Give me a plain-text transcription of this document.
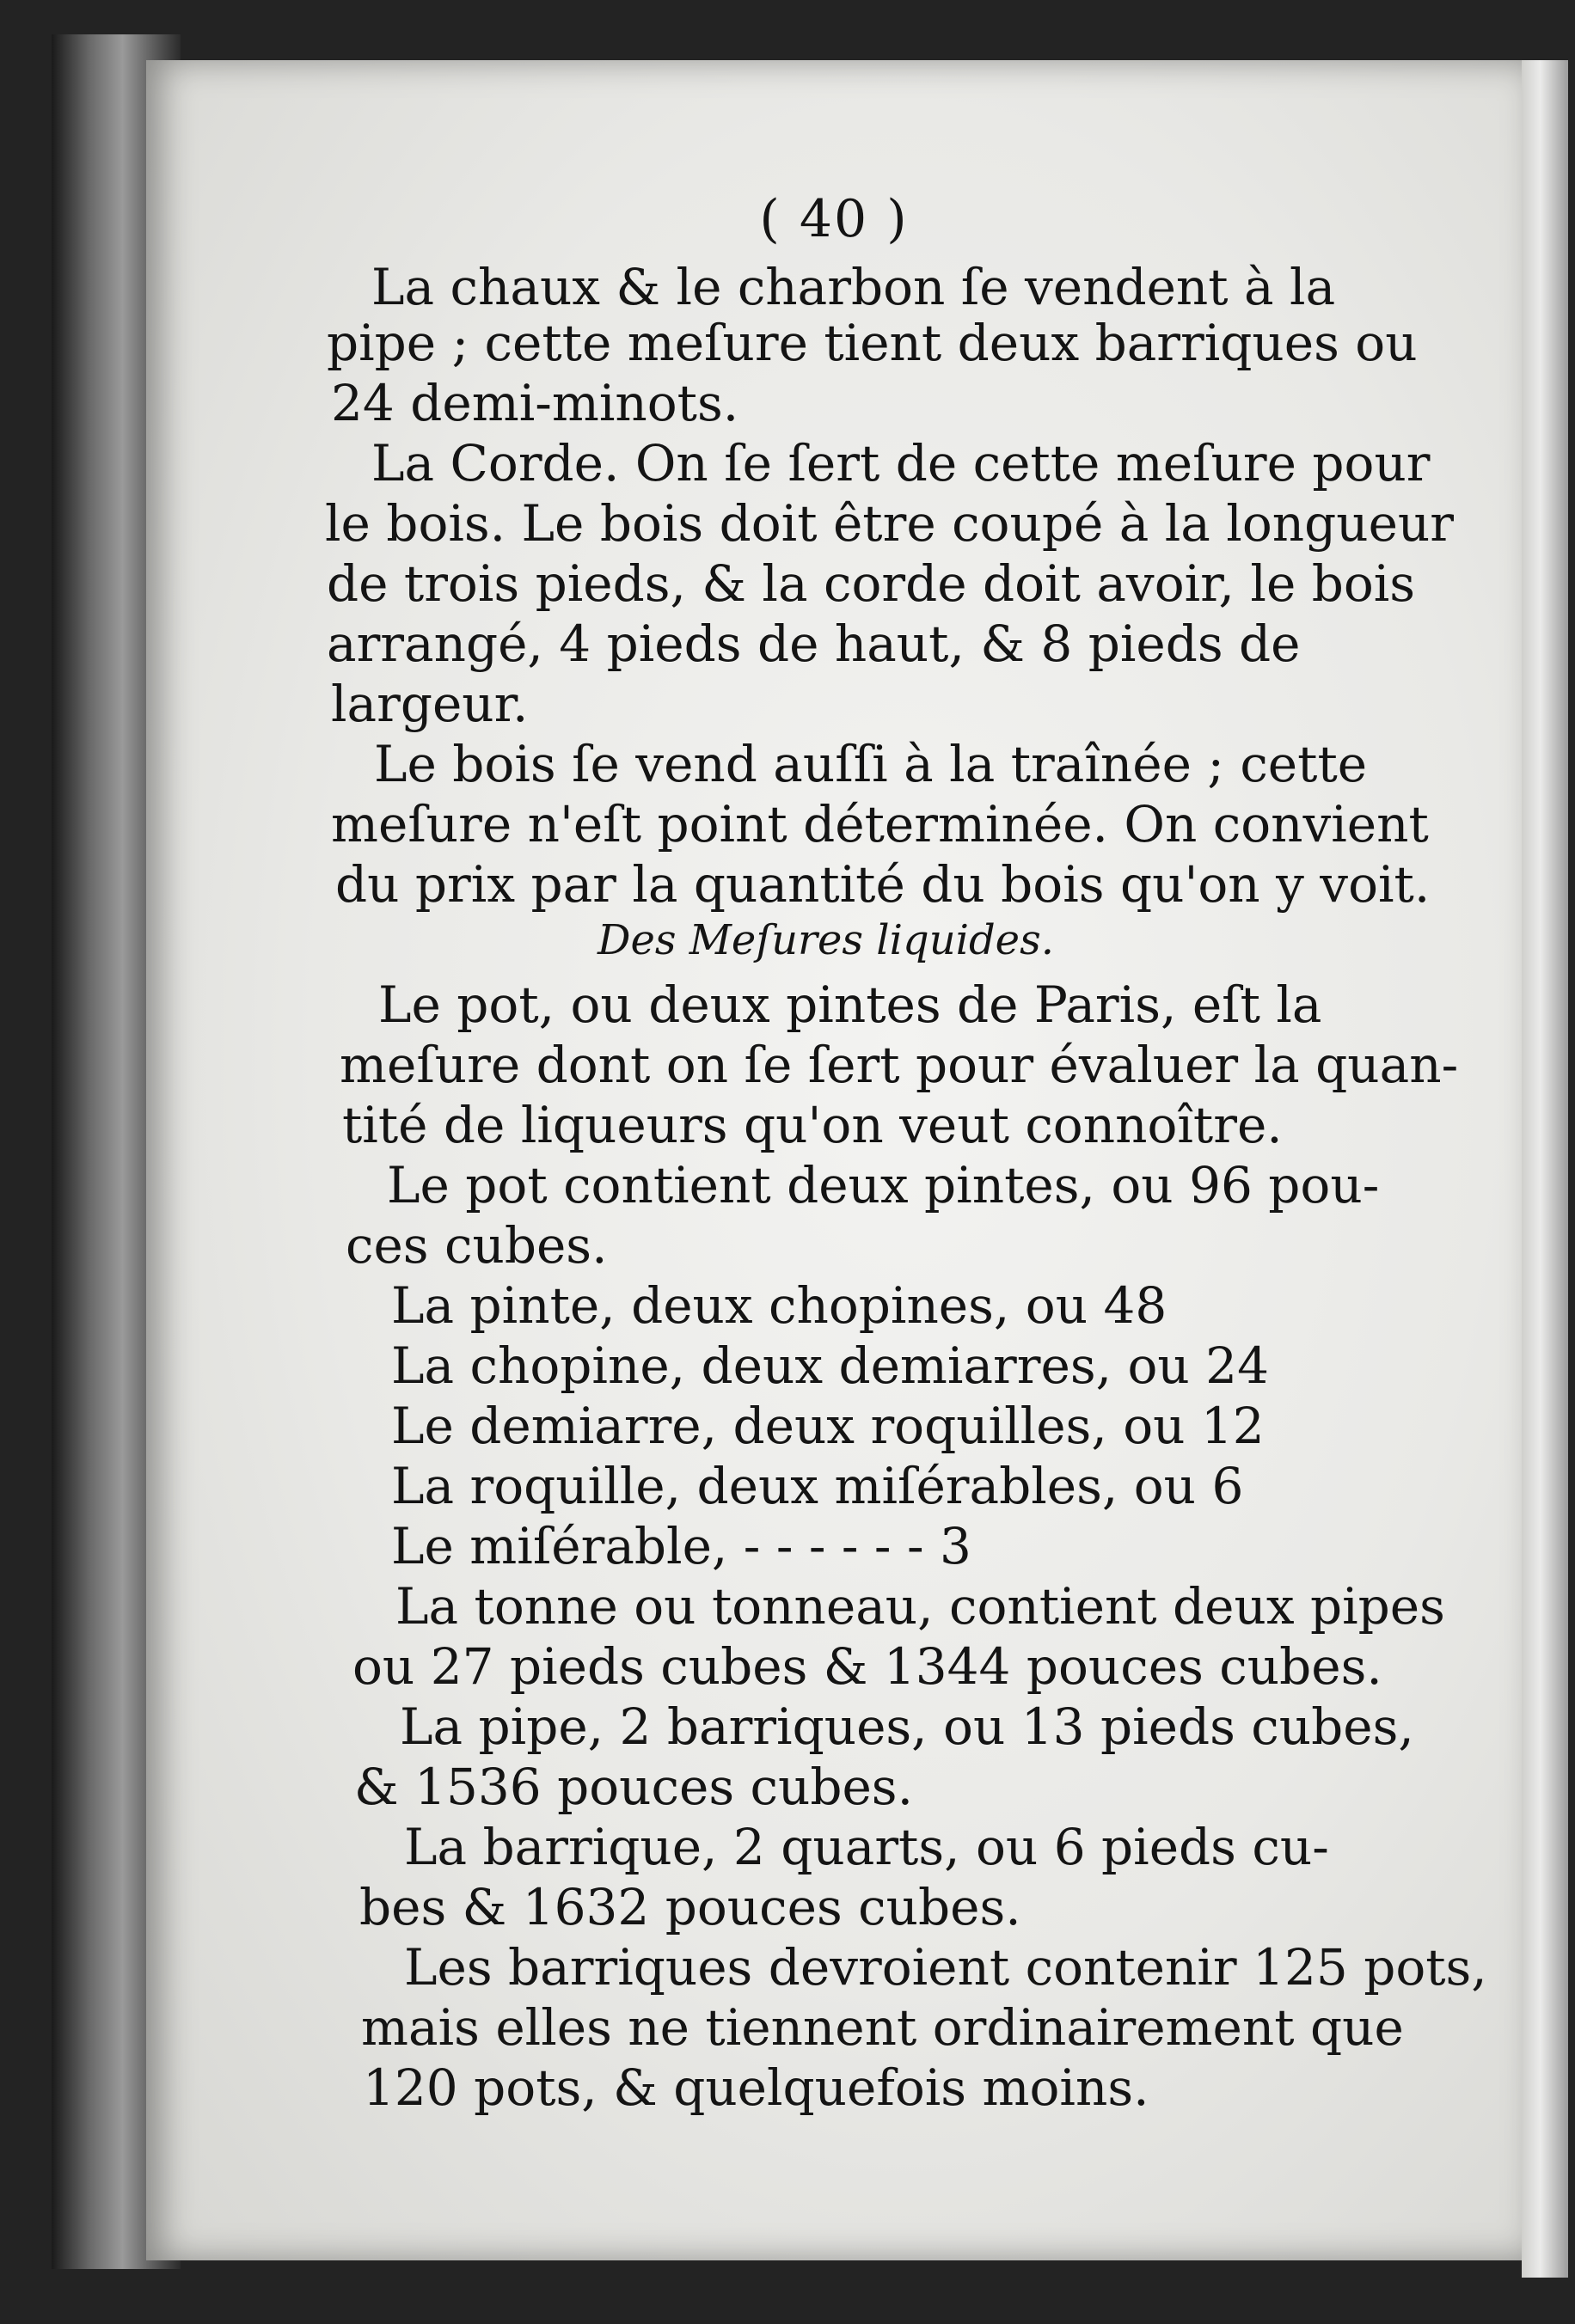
( 40 )
La chaux & le charbon ſe vendent à la
pipe ; cette meſure tient deux barriques ou
24 demi-minots.
La Corde. On ſe ſert de cette meſure pour
le bois. Le bois doit être coupé à la longueur
de trois pieds, & la corde doit avoir, le bois
arrangé, 4 pieds de haut, & 8 pieds de
largeur.
Le bois ſe vend auſſi à la traînée ; cette
meſure n'eſt point déterminée. On convient
du prix par la quantité du bois qu'on y voit.
Des Meſures liquides.
Le pot, ou deux pintes de Paris, eſt la
meſure dont on ſe ſert pour évaluer la quan-
tité de liqueurs qu'on veut connoître.
Le pot contient deux pintes, ou 96 pou-
ces cubes.
La pinte, deux chopines, ou 48
La chopine, deux demiarres, ou 24
Le demiarre, deux roquilles, ou 12
La roquille, deux miſérables, ou 6
Le miſérable, - - - - - - 3
La tonne ou tonneau, contient deux pipes
ou 27 pieds cubes & 1344 pouces cubes.
La pipe, 2 barriques, ou 13 pieds cubes,
& 1536 pouces cubes.
La barrique, 2 quarts, ou 6 pieds cu-
bes & 1632 pouces cubes.
Les barriques devroient contenir 125 pots,
mais elles ne tiennent ordinairement que
120 pots, & quelquefois moins.
